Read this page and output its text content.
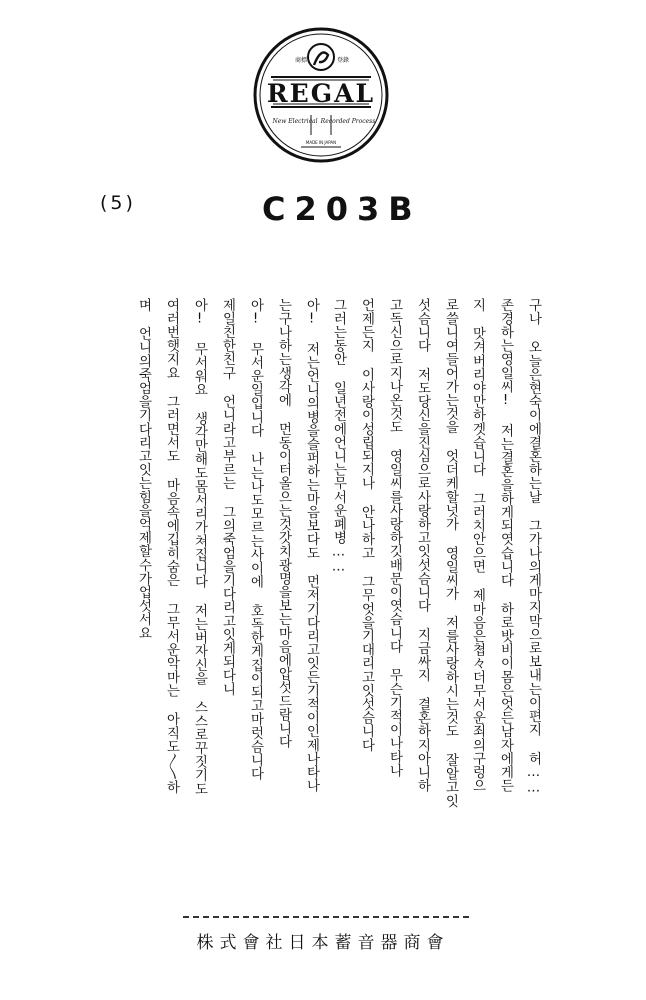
商標	登錄
REGAL
New Electrical Recorded Process
MADE IN JAPAN
(5)	C203B
구나 오늘은현숙이에결혼하는날 그가나의게마지막으로보내는이편지 허……
존경하는영일씨! 저는결혼을하게되엿습니다 하로밧비이몸은엇든남자에게든
지 맛겨버리야만하겟습니다 그러치안으면 제마음은쳡々더무서운죄의구렁으
로쓸니여들어가는것을 엇더케할넛가 영일씨가 저를사랑하시는것도 잘알고잇
섯슴니다 저도당신을진심으로사랑하고잇섯슴니다 지금싸지 결혼하지아니하
고독신으로지나온것도 영일씨를사랑하깃배문이엿슴니다 무슨기적이나타나
언제든지 이사랑이성립되지나 안나하고 그무엇을기대리고잇섯슴니다
그러는동안 일년전에언니는무서운폐병……
아! 저는언니의병을슬퍼하는마음보다도 먼저기다리고잇든기적이인제나타나
는구나하는생각에 먼동이터올으는것갓치광명을보는마음에압섯드람니다
아! 무서운일입니다 나는나도모르는사이에 호독한게집이되고마럿슴니다
제일친한친구 언니라고부르는 그의죽엄을기다리고잇게되다니
아! 무서워요 생각만해도몸서리가쳐집니다 저는버자신을 스스로꾸짓기도
여러번햇지요 그러면서도 마음속에깁히숨은 그무서운악마는 아직도〳〵하
며 언니의죽엄을기다리고잇는힘을억제할수가업섯서요
株式會社日本蓄音器商會
